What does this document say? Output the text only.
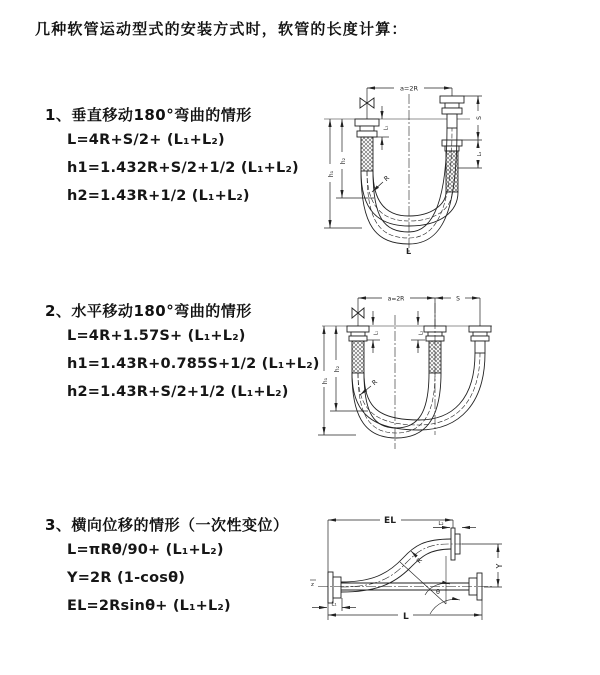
几种软管运动型式的安装方式时，软管的长度计算：
1、垂直移动180°弯曲的情形
L=4R+S/2+ (L₁+L₂)
h1=1.432R+S/2+1/2 (L₁+L₂)
h2=1.43R+1/2 (L₁+L₂)
2、水平移动180°弯曲的情形
L=4R+1.57S+ (L₁+L₂)
h1=1.43R+0.785S+1/2 (L₁+L₂)
h2=1.43R+S/2+1/2 (L₁+L₂)
3、横向位移的情形（一次性变位）
L=πRθ/90+ (L₁+L₂)
Y=2R (1-cosθ)
EL=2Rsinθ+ (L₁+L₂)
a=2R
h₁
h₂
L₁
S
L₂
R
L
a=2R	S
h₁
h₂
L₁	L₂
R
EL	L₂
Y
R
θ
L
L₁
z
